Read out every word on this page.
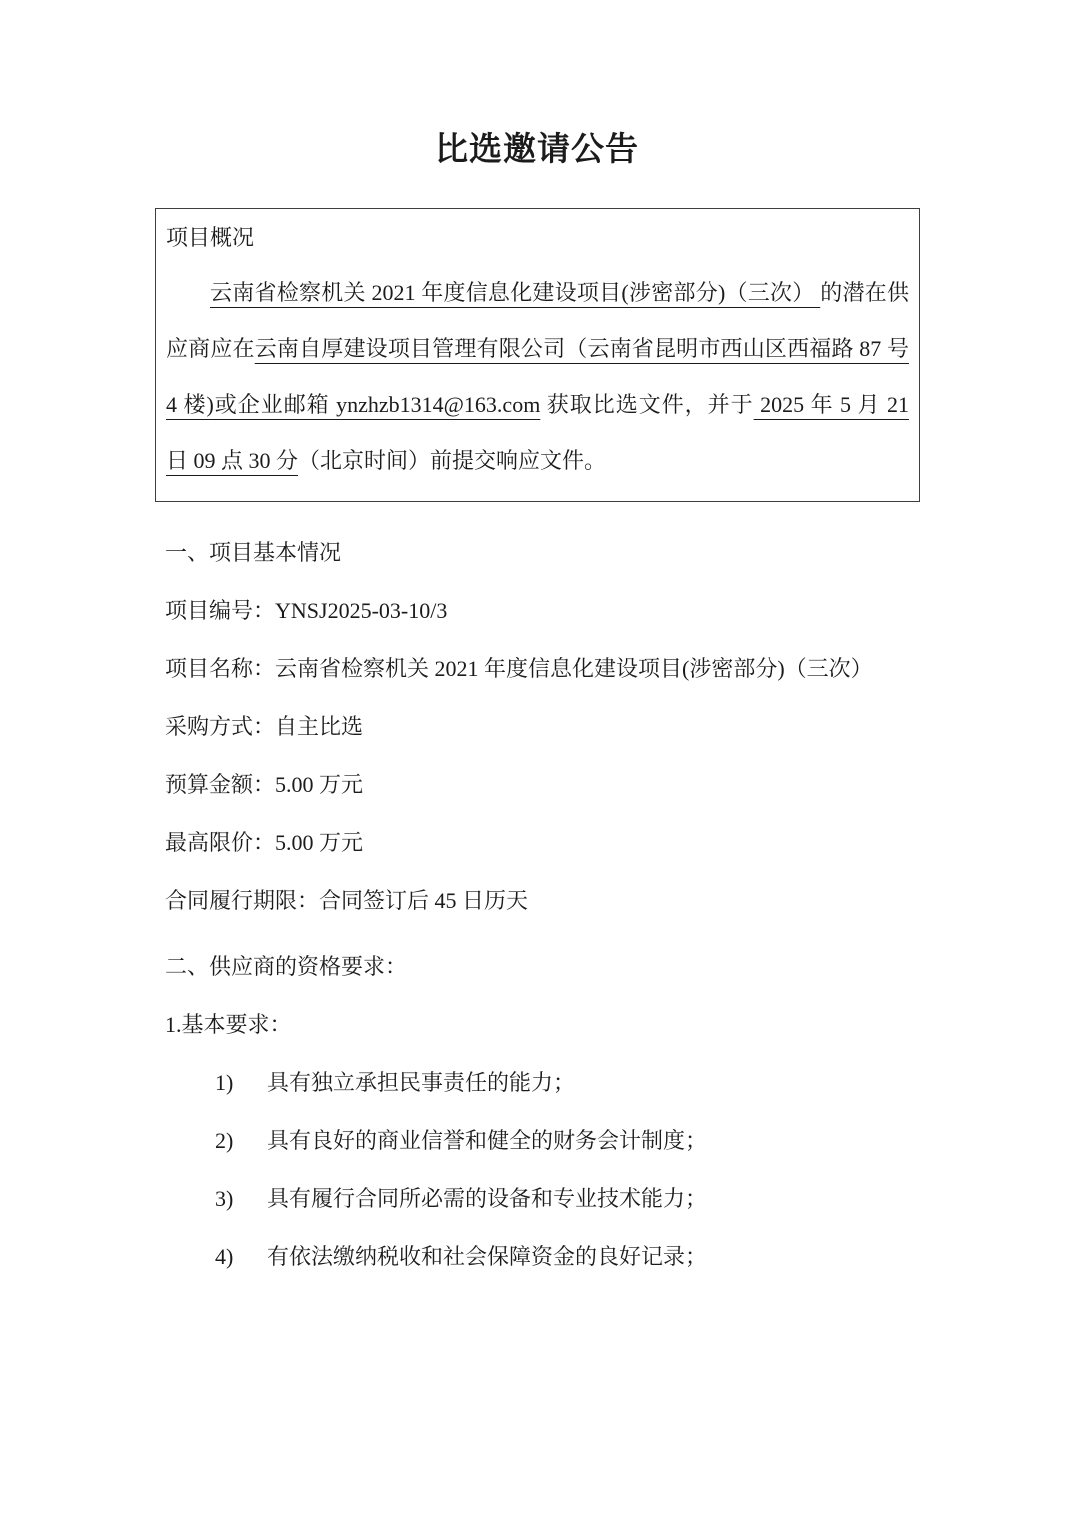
比选邀请公告

项目概况

云南省检察机关 2021 年度信息化建设项目(涉密部分)（三次） 的潜在供应商应在云南自厚建设项目管理有限公司（云南省昆明市西山区西福路 87 号 4 楼)或企业邮箱 ynzhzb1314@163.com 获取比选文件，并于 2025 年 5 月 21 日 09 点 30 分（北京时间）前提交响应文件。

一、项目基本情况

项目编号：YNSJ2025-03-10/3

项目名称：云南省检察机关 2021 年度信息化建设项目(涉密部分)（三次）

采购方式：自主比选

预算金额：5.00 万元

最高限价：5.00 万元

合同履行期限：合同签订后 45 日历天

二、供应商的资格要求：

1.基本要求：

1)	具有独立承担民事责任的能力；
2)	具有良好的商业信誉和健全的财务会计制度；
3)	具有履行合同所必需的设备和专业技术能力；
4)	有依法缴纳税收和社会保障资金的良好记录；
